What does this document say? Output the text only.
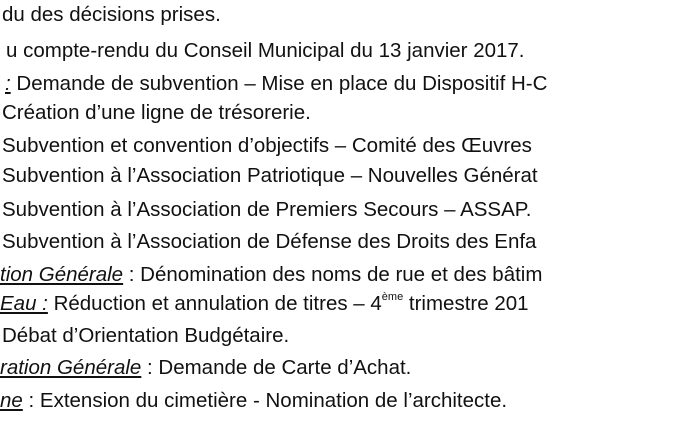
du des décisions prises.
u compte-rendu du Conseil Municipal du 13 janvier 2017.
: Demande de subvention – Mise en place du Dispositif H-C
Création d’une ligne de trésorerie.
Subvention et convention d’objectifs – Comité des Œuvres
Subvention à l’Association Patriotique – Nouvelles Générat
Subvention à l’Association de Premiers Secours – ASSAP.
Subvention à l’Association de Défense des Droits des Enfa
tion Générale : Dénomination des noms de rue et des bâtim
Eau : Réduction et annulation de titres – 4ème trimestre 201
Débat d’Orientation Budgétaire.
ration Générale : Demande de Carte d’Achat.
ne : Extension du cimetière - Nomination de l’architecte.
